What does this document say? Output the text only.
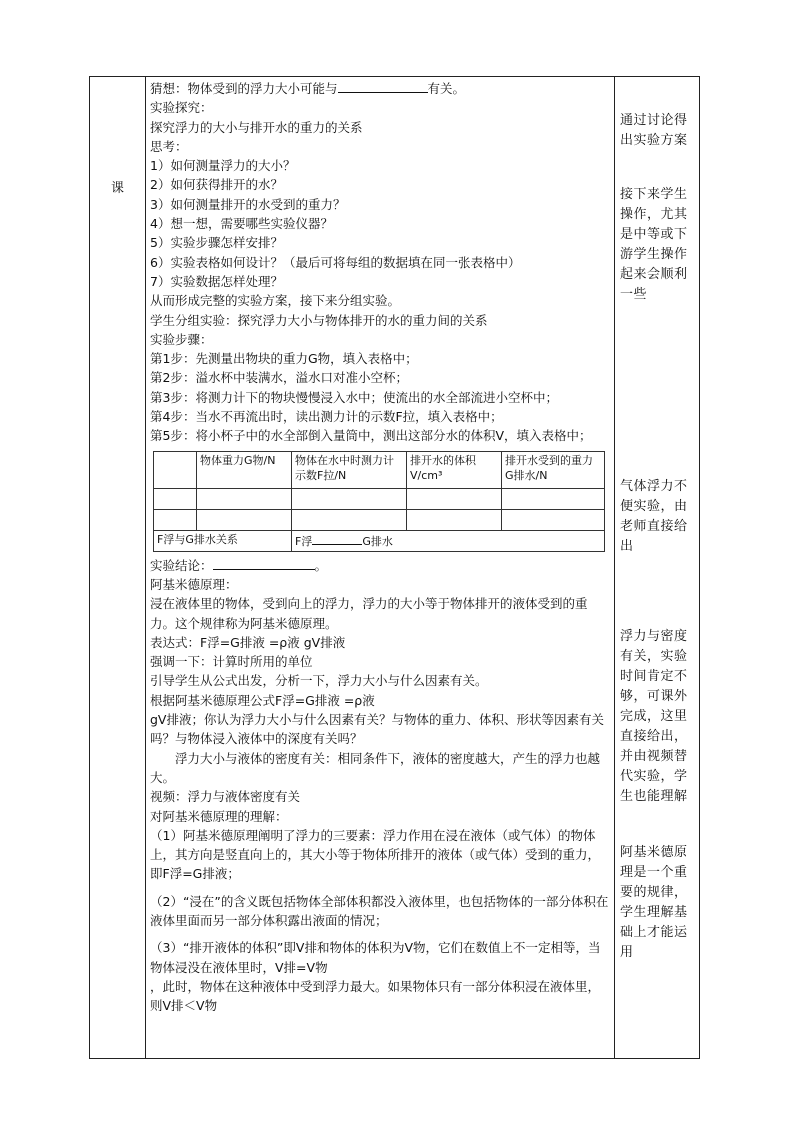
课
猜想：物体受到的浮力大小可能与	有关。
实验探究：
探究浮力的大小与排开水的重力的关系
思考：
1）如何测量浮力的大小？
2）如何获得排开的水？
3）如何测量排开的水受到的重力？
4）想一想，需要哪些实验仪器？
5）实验步骤怎样安排？
6）实验表格如何设计？（最后可将每组的数据填在同一张表格中）
7）实验数据怎样处理？
从而形成完整的实验方案，接下来分组实验。
学生分组实验：探究浮力大小与物体排开的水的重力间的关系
实验步骤：
第1步：先测量出物块的重力G物，填入表格中；
第2步：溢水杯中装满水，溢水口对准小空杯；
第3步：将测力计下的物块慢慢浸入水中；使流出的水全部流进小空杯中；
第4步：当水不再流出时，读出测力计的示数F拉，填入表格中；
第5步：将小杯子中的水全部倒入量筒中，测出这部分水的体积V，填入表格中；
	物体重力G物/N	物体在水中时测力计示数F拉/N	排开水的体积V/cm³	排开水受到的重力G排水/N

F浮与G排水关系		F浮 G排水		
实验结论：	。
阿基米德原理：
浸在液体里的物体，受到向上的浮力，浮力的大小等于物体排开的液体受到的重力。这个规律称为阿基米德原理。
表达式：F浮=G排液 =ρ液 gV排液
强调一下：计算时所用的单位
引导学生从公式出发，分析一下，浮力大小与什么因素有关。
根据阿基米德原理公式F浮=G排液 =ρ液
gV排液；你认为浮力大小与什么因素有关？与物体的重力、体积、形状等因素有关吗？与物体浸入液体中的深度有关吗？
浮力大小与液体的密度有关：相同条件下，液体的密度越大，产生的浮力也越大。
视频：浮力与液体密度有关
对阿基米德原理的理解：
（1）阿基米德原理阐明了浮力的三要素：浮力作用在浸在液体（或气体）的物体上，其方向是竖直向上的，其大小等于物体所排开的液体（或气体）受到的重力，即F浮=G排液；
（2）“浸在”的含义既包括物体全部体积都没入液体里，也包括物体的一部分体积在液体里面而另一部分体积露出液面的情况；
（3）“排开液体的体积”即V排和物体的体积为V物，它们在数值上不一定相等，当物体浸没在液体里时，V排=V物
，此时，物体在这种液体中受到浮力最大。如果物体只有一部分体积浸在液体里，则V排＜V物
通过讨论得出实验方案
接下来学生操作，尤其是中等或下游学生操作起来会顺利一些
气体浮力不便实验，由老师直接给出
浮力与密度有关，实验时间肯定不够，可课外完成，这里直接给出，并由视频替代实验，学生也能理解
阿基米德原理是一个重要的规律，学生理解基础上才能运用
